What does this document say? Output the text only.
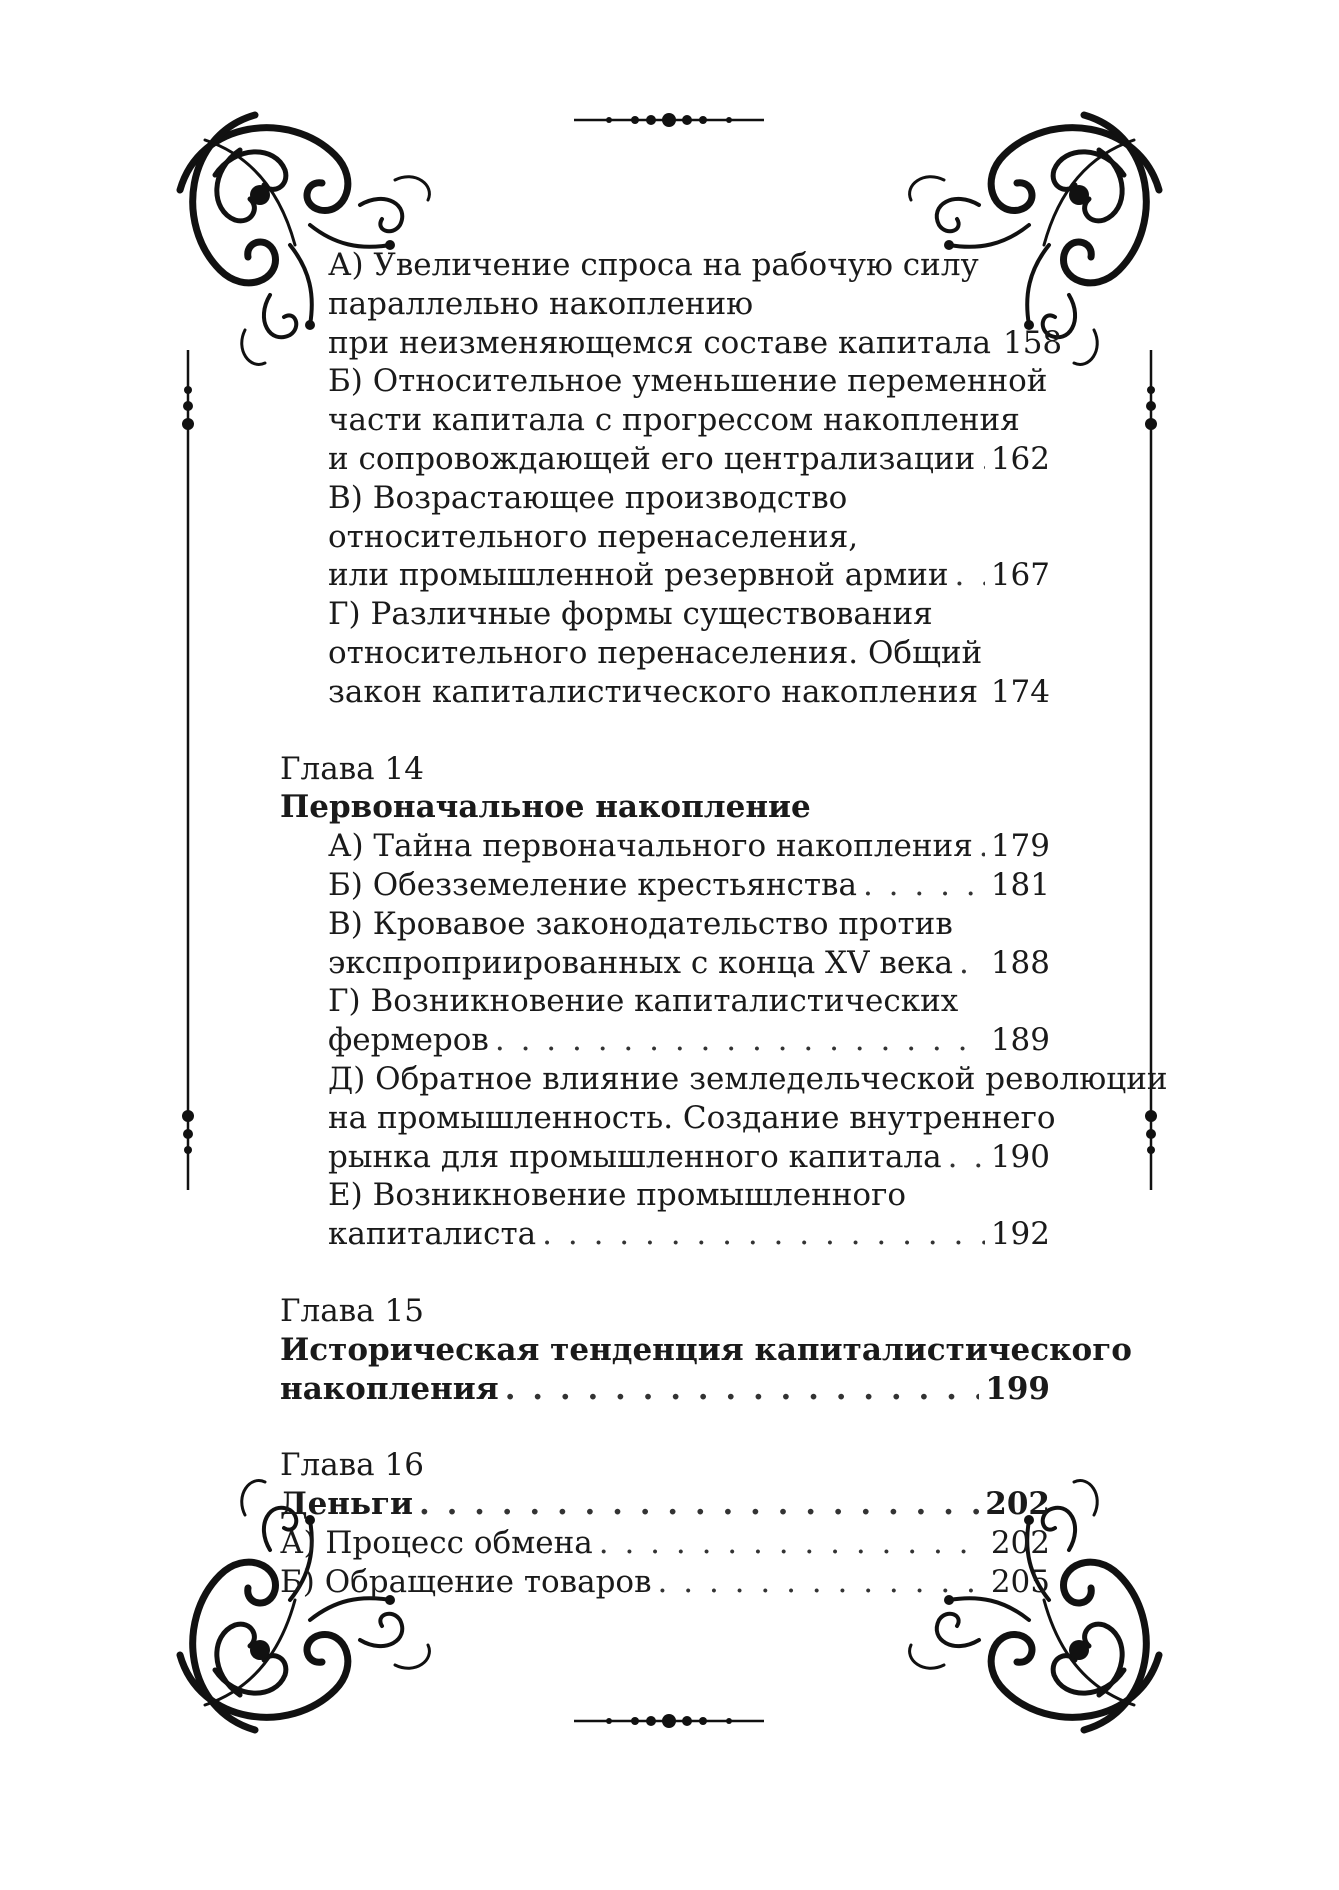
А) Увеличение спроса на рабочую силу
параллельно накоплению
при неизменяющемся составе капитала 158
Б) Относительное уменьшение переменной
части капитала с прогрессом накопления
и сопровождающей его централизации . . . 162
В) Возрастающее производство
относительного перенаселения,
или промышленной резервной армии . . . 167
Г) Различные формы существования
относительного перенаселения. Общий
закон капиталистического накопления . . . 174
Глава 14
Первоначальное накопление
А) Тайна первоначального накопления . . . 179
Б) Обезземеление крестьянства . . .	181
В) Кровавое законодательство против
экспроприированных с конца XV века . . . 188
Г) Возникновение капиталистических
фермеров . . .	189
Д) Обратное влияние земледельческой революции
на промышленность. Создание внутреннего
рынка для промышленного капитала . . . 190
Е) Возникновение промышленного
капиталиста . . .	192
Глава 15
Историческая тенденция капиталистического
накопления . . .	199
Глава 16
Деньги . . .	202
А) Процесс обмена . . .	202
Б) Обращение товаров . . .	205
